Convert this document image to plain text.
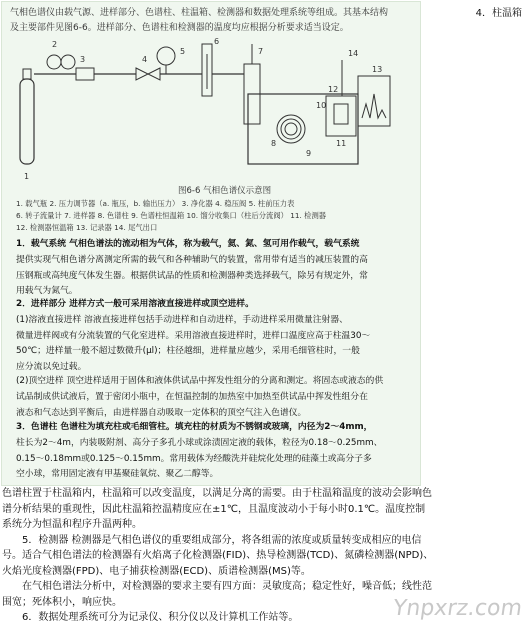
4．柱温箱
气相色谱仪由载气源、进样部分、色谱柱、柱温箱、检测器和数据处理系统等组成。其基本结构
及主要部件见图6-6。进样部分、色谱柱和检测器的温度均应根据分析要求适当设定。
1
2
3	4
5
6
7
8
9
10
11
12
13
14
图6-6 气相色谱仪示意图
1. 载气瓶 2. 压力调节器（a. 瓶压，b. 输出压力） 3. 净化器 4. 稳压阀 5. 柱前压力表
6. 转子流量计 7. 进样器 8. 色谱柱 9. 色谱柱恒温箱 10. 馏分收集口（柱后分流阀） 11. 检测器
12. 检测器恒温箱 13. 记录器 14. 尾气出口
1．载气系统 气相色谱法的流动相为气体，称为载气，氦、氮、氢可用作载气，载气系统
提供实现气相色谱分离测定所需的载气和各种辅助气的装置，常用带有适当的减压装置的高
压钢瓶或高纯度气体发生器。根据供试品的性质和检测器种类选择载气，除另有规定外，常
用载气为氮气。
2．进样部分 进样方式一般可采用溶液直接进样或顶空进样。
(1)溶液直接进样 溶液直接进样包括手动进样和自动进样，手动进样采用微量注射器、
微量进样阀或有分流装置的气化室进样。采用溶液直接进样时，进样口温度应高于柱温30～
50℃；进样量一般不超过数微升(μl)；柱径越细，进样量应越少，采用毛细管柱时，一般
应分流以免过载。
(2)顶空进样 顶空进样适用于固体和液体供试品中挥发性组分的分离和测定。将固态或液态的供
试品制成供试液后，置于密闭小瓶中，在恒温控制的加热室中加热至供试品中挥发性组分在
液态和气态达到平衡后，由进样器自动吸取一定体积的顶空气注入色谱仪。
3．色谱柱 色谱柱为填充柱或毛细管柱。填充柱的材质为不锈钢或玻璃，内径为2～4mm，
柱长为2～4m，内装吸附剂、高分子多孔小球或涂渍固定液的载体，粒径为0.18～0.25mm、
0.15～0.18mm或0.125～0.15mm。常用载体为经酸洗并硅烷化处理的硅藻土或高分子多
空小球，常用固定液有甲基聚硅氧烷、聚乙二醇等。

色谱柱置于柱温箱内，柱温箱可以改变温度，以满足分离的需要。由于柱温箱温度的波动会影响色

谱分析结果的重现性，因此柱温箱控温精度应在±1℃，且温度波动小于每小时0.1℃。温度控制

系统分为恒温和程序升温两种。

　　5．检测器 检测器是气相色谱仪的重要组成部分，将各组需的浓度或质量转变成相应的电信

号。适合气相色谱法的检测器有火焰离子化检测器(FID)、热导检测器(TCD)、氮磷检测器(NPD)、

火焰光度检测器(FPD)、电子捕获检测器(ECD)、质谱检测器(MS)等。

　　在气相色谱法分析中，对检测器的要求主要有四方面：灵敏度高；稳定性好，噪音低；线性范

围宽；死体积小，响应快。

　　6．数据处理系统可分为记录仪、积分仪以及计算机工作站等。	Ynpxrz.com
